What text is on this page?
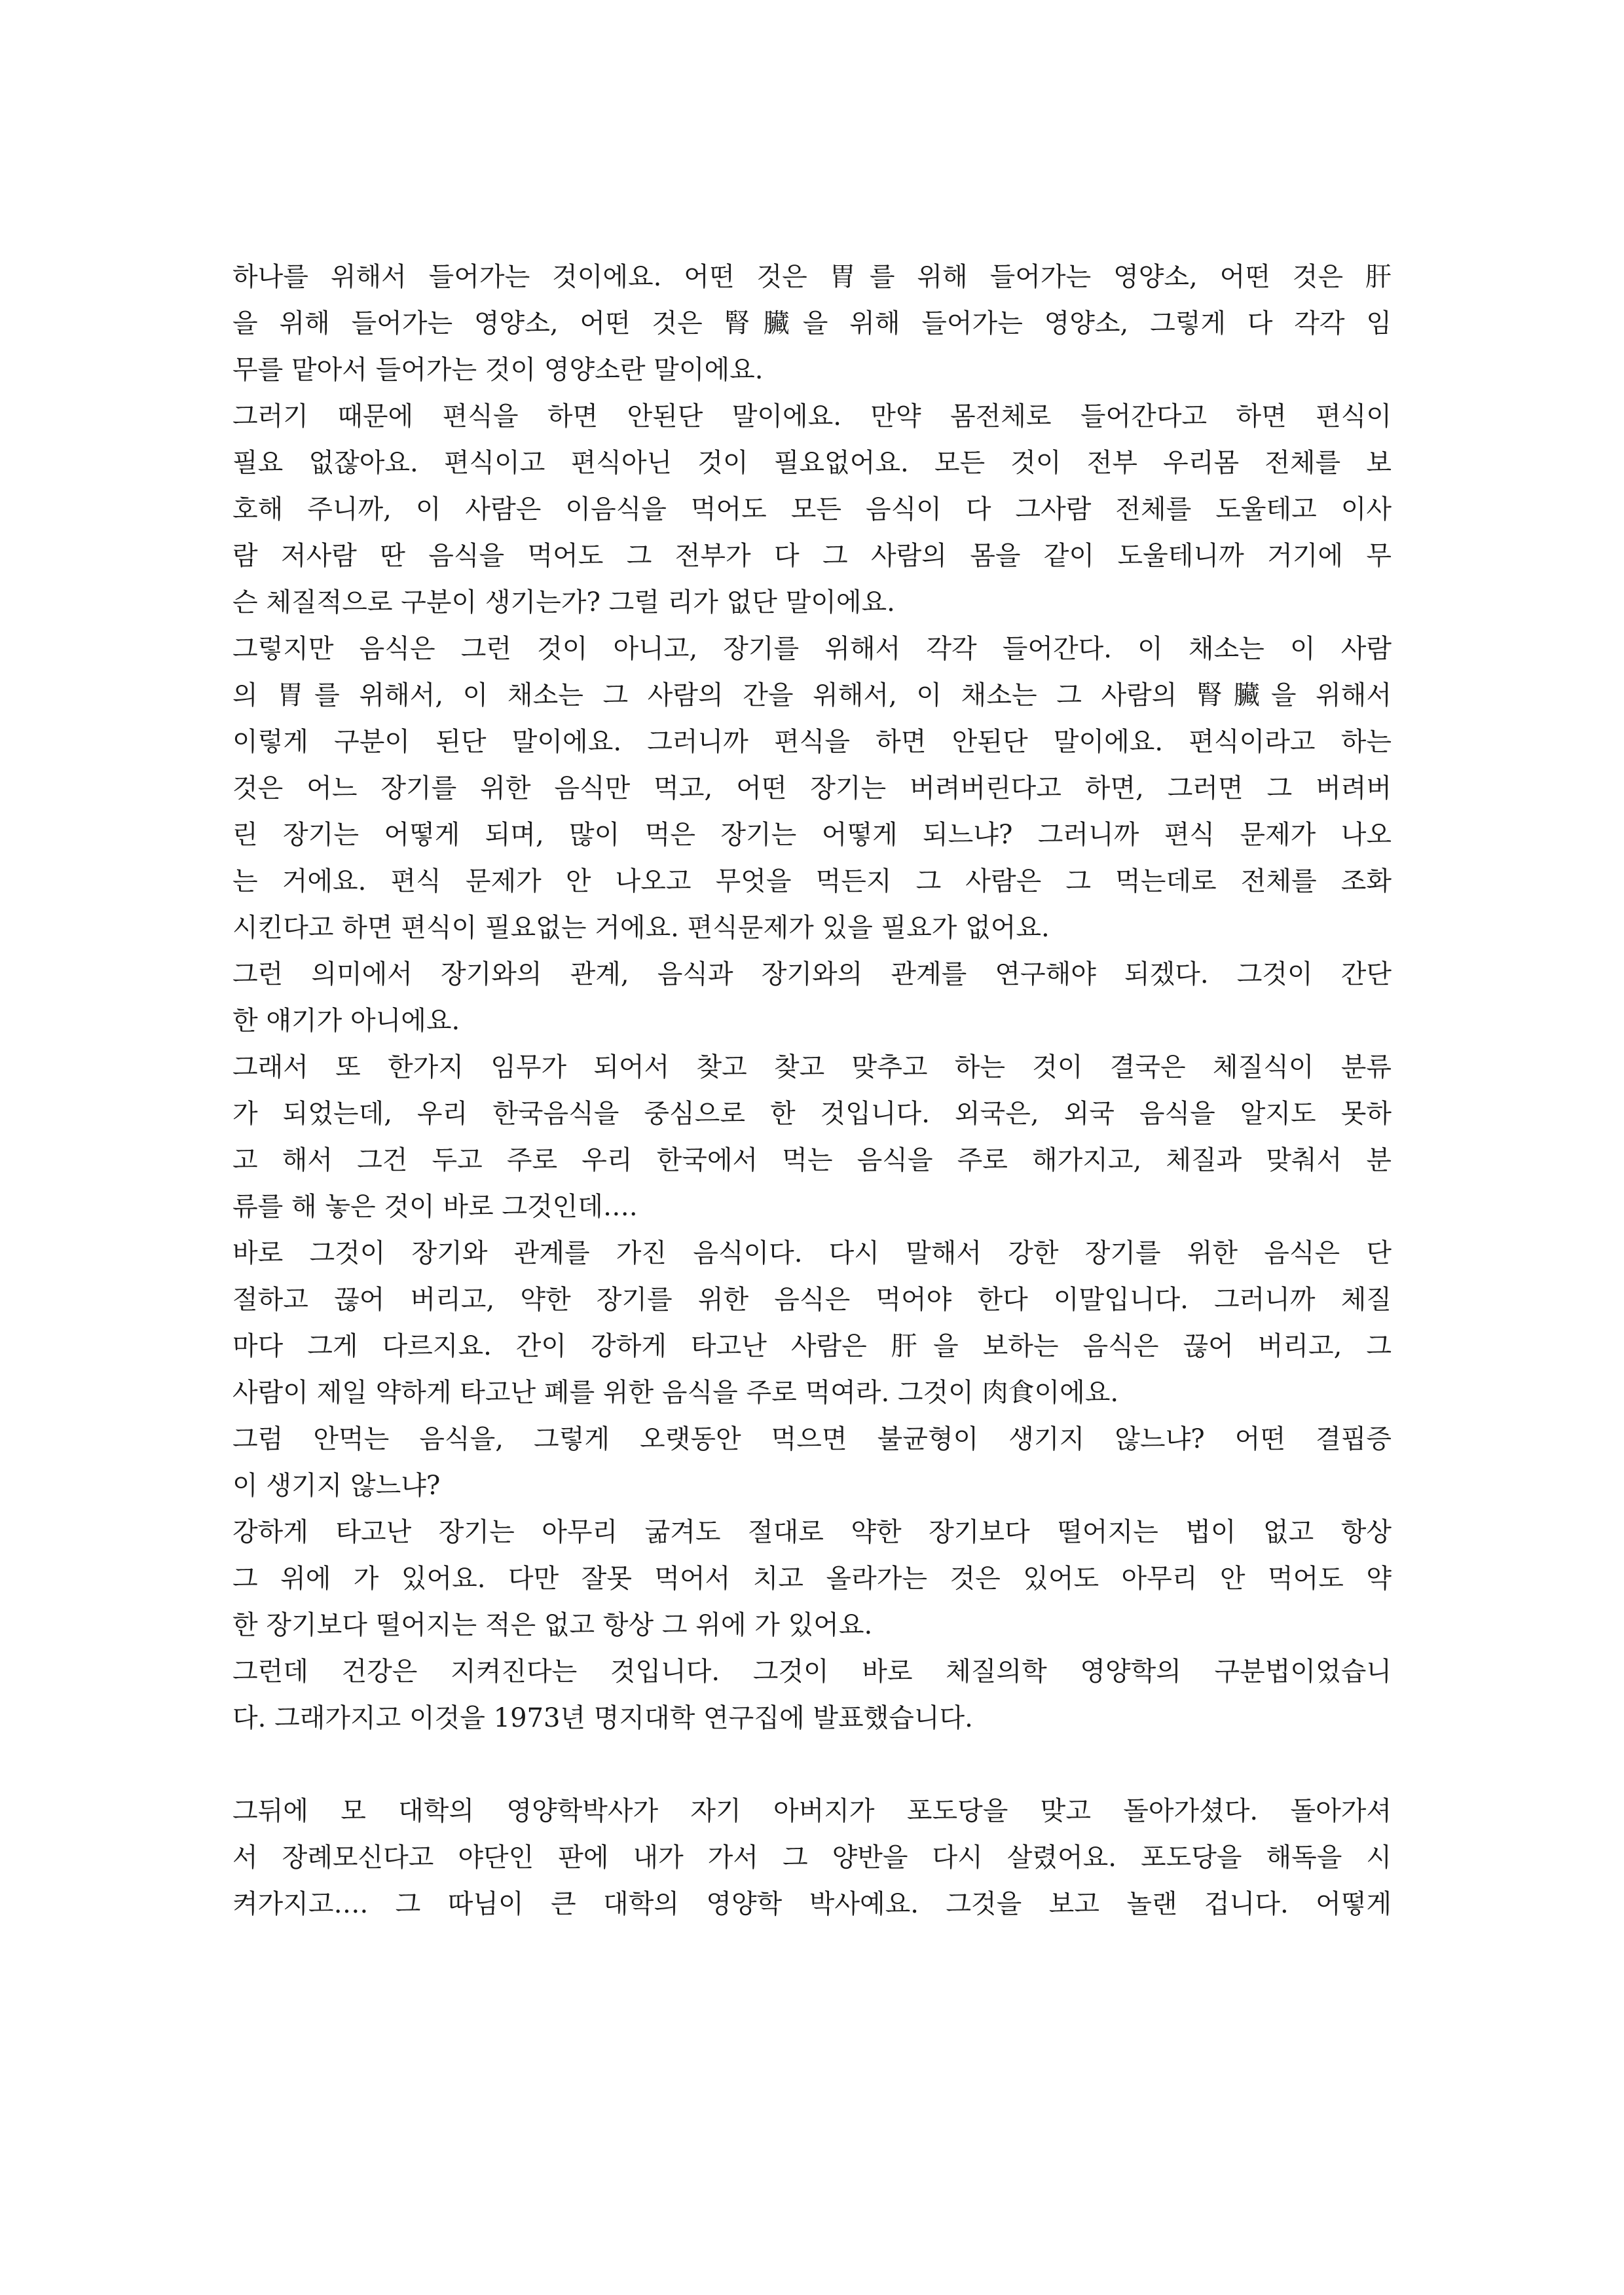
하나를 위해서 들어가는 것이에요. 어떤 것은 胃를 위해 들어가는 영양소, 어떤 것은 肝
을 위해 들어가는 영양소, 어떤 것은 腎臟을 위해 들어가는 영양소, 그렇게 다 각각 임
무를 맡아서 들어가는 것이 영양소란 말이에요.
그러기 때문에 편식을 하면 안된단 말이에요. 만약 몸전체로 들어간다고 하면 편식이
필요 없잖아요. 편식이고 편식아닌 것이 필요없어요. 모든 것이 전부 우리몸 전체를 보
호해 주니까, 이 사람은 이음식을 먹어도 모든 음식이 다 그사람 전체를 도울테고 이사
람 저사람 딴 음식을 먹어도 그 전부가 다 그 사람의 몸을 같이 도울테니까 거기에 무
슨 체질적으로 구분이 생기는가? 그럴 리가 없단 말이에요.
그렇지만 음식은 그런 것이 아니고, 장기를 위해서 각각 들어간다. 이 채소는 이 사람
의 胃를 위해서, 이 채소는 그 사람의 간을 위해서, 이 채소는 그 사람의 腎臟을 위해서
이렇게 구분이 된단 말이에요. 그러니까 편식을 하면 안된단 말이에요. 편식이라고 하는
것은 어느 장기를 위한 음식만 먹고, 어떤 장기는 버려버린다고 하면, 그러면 그 버려버
린 장기는 어떻게 되며, 많이 먹은 장기는 어떻게 되느냐? 그러니까 편식 문제가 나오
는 거에요. 편식 문제가 안 나오고 무엇을 먹든지 그 사람은 그 먹는데로 전체를 조화
시킨다고 하면 편식이 필요없는 거에요. 편식문제가 있을 필요가 없어요.
그런 의미에서 장기와의 관계, 음식과 장기와의 관계를 연구해야 되겠다. 그것이 간단
한 얘기가 아니에요.
그래서 또 한가지 임무가 되어서 찾고 찾고 맞추고 하는 것이 결국은 체질식이 분류
가 되었는데, 우리 한국음식을 중심으로 한 것입니다. 외국은, 외국 음식을 알지도 못하
고 해서 그건 두고 주로 우리 한국에서 먹는 음식을 주로 해가지고, 체질과 맞춰서 분
류를 해 놓은 것이 바로 그것인데….
바로 그것이 장기와 관계를 가진 음식이다. 다시 말해서 강한 장기를 위한 음식은 단
절하고 끊어 버리고, 약한 장기를 위한 음식은 먹어야 한다 이말입니다. 그러니까 체질
마다 그게 다르지요. 간이 강하게 타고난 사람은 肝을 보하는 음식은 끊어 버리고, 그
사람이 제일 약하게 타고난 폐를 위한 음식을 주로 먹여라. 그것이 肉食이에요.
그럼 안먹는 음식을, 그렇게 오랫동안 먹으면 불균형이 생기지 않느냐? 어떤 결핍증
이 생기지 않느냐?
강하게 타고난 장기는 아무리 굶겨도 절대로 약한 장기보다 떨어지는 법이 없고 항상
그 위에 가 있어요. 다만 잘못 먹어서 치고 올라가는 것은 있어도 아무리 안 먹어도 약
한 장기보다 떨어지는 적은 없고 항상 그 위에 가 있어요.
그런데 건강은 지켜진다는 것입니다. 그것이 바로 체질의학 영양학의 구분법이었습니
다. 그래가지고 이것을 1973년 명지대학 연구집에 발표했습니다.
그뒤에 모 대학의 영양학박사가 자기 아버지가 포도당을 맞고 돌아가셨다. 돌아가셔
서 장례모신다고 야단인 판에 내가 가서 그 양반을 다시 살렸어요. 포도당을 해독을 시
켜가지고…. 그 따님이 큰 대학의 영양학 박사예요. 그것을 보고 놀랜 겁니다. 어떻게
